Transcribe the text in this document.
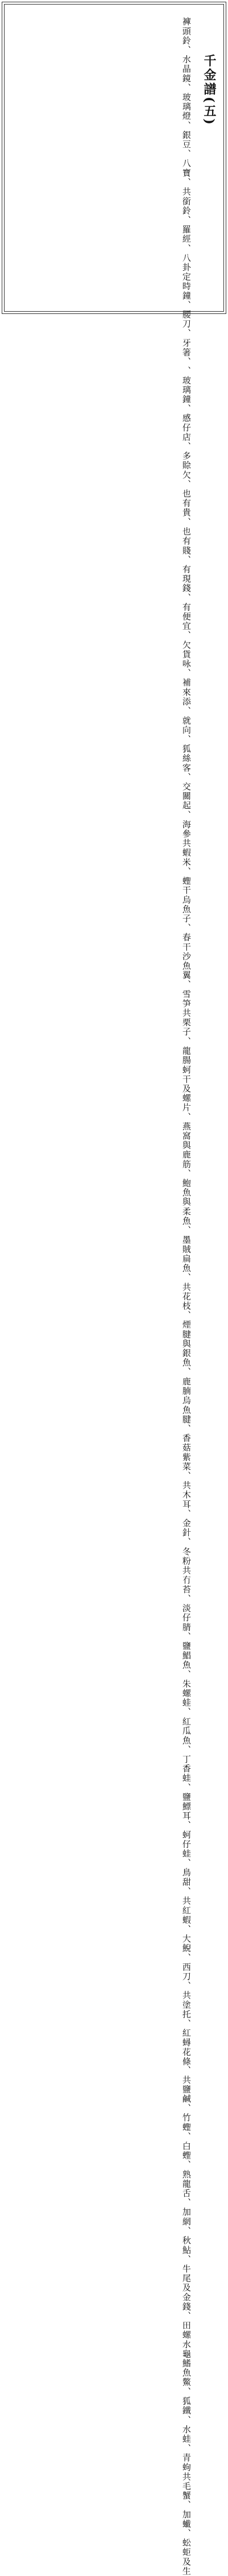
千金譜(五)

褲頭鈴、水晶鏡、玻璃燈、銀豆、八寶、

共銜鈴、羅經、八卦定時鐘、腰刀、牙箸、

、玻璃鐘、感仔店、多賒欠、也有貴、也

有賤、有現錢、有便宜、欠貨咏、補來添

、就向、狐絲客、交關起、海參共蝦米、蟶

干烏魚子、春干沙魚翼、雪笋共栗子、龍

腸蚵干及螺片、燕窩與鹿筋、鮑魚與柔魚

、墨賊扁魚、共花枝、煙腱與銀魚、鹿腩

烏魚腱、香菇紫菜、共木耳、金針、冬粉

共冇苔、淡仔腈、鹽鯧魚、朱螺蛙、紅

瓜魚、丁香蛙、鹽鰾耳、蚵仔蛙、鳥甜、

共紅蝦、大鯢、西刀、共塗托、紅蟳花條

、共鹽鹹、竹蟶、白蟶、熟龍舌、加網、

秋鮎、牛尾及金錢、田螺水龜鰭魚鱉、狐

鐵、水蛙、青蚼共毛蟹、加蠘、蚣蚷及生
